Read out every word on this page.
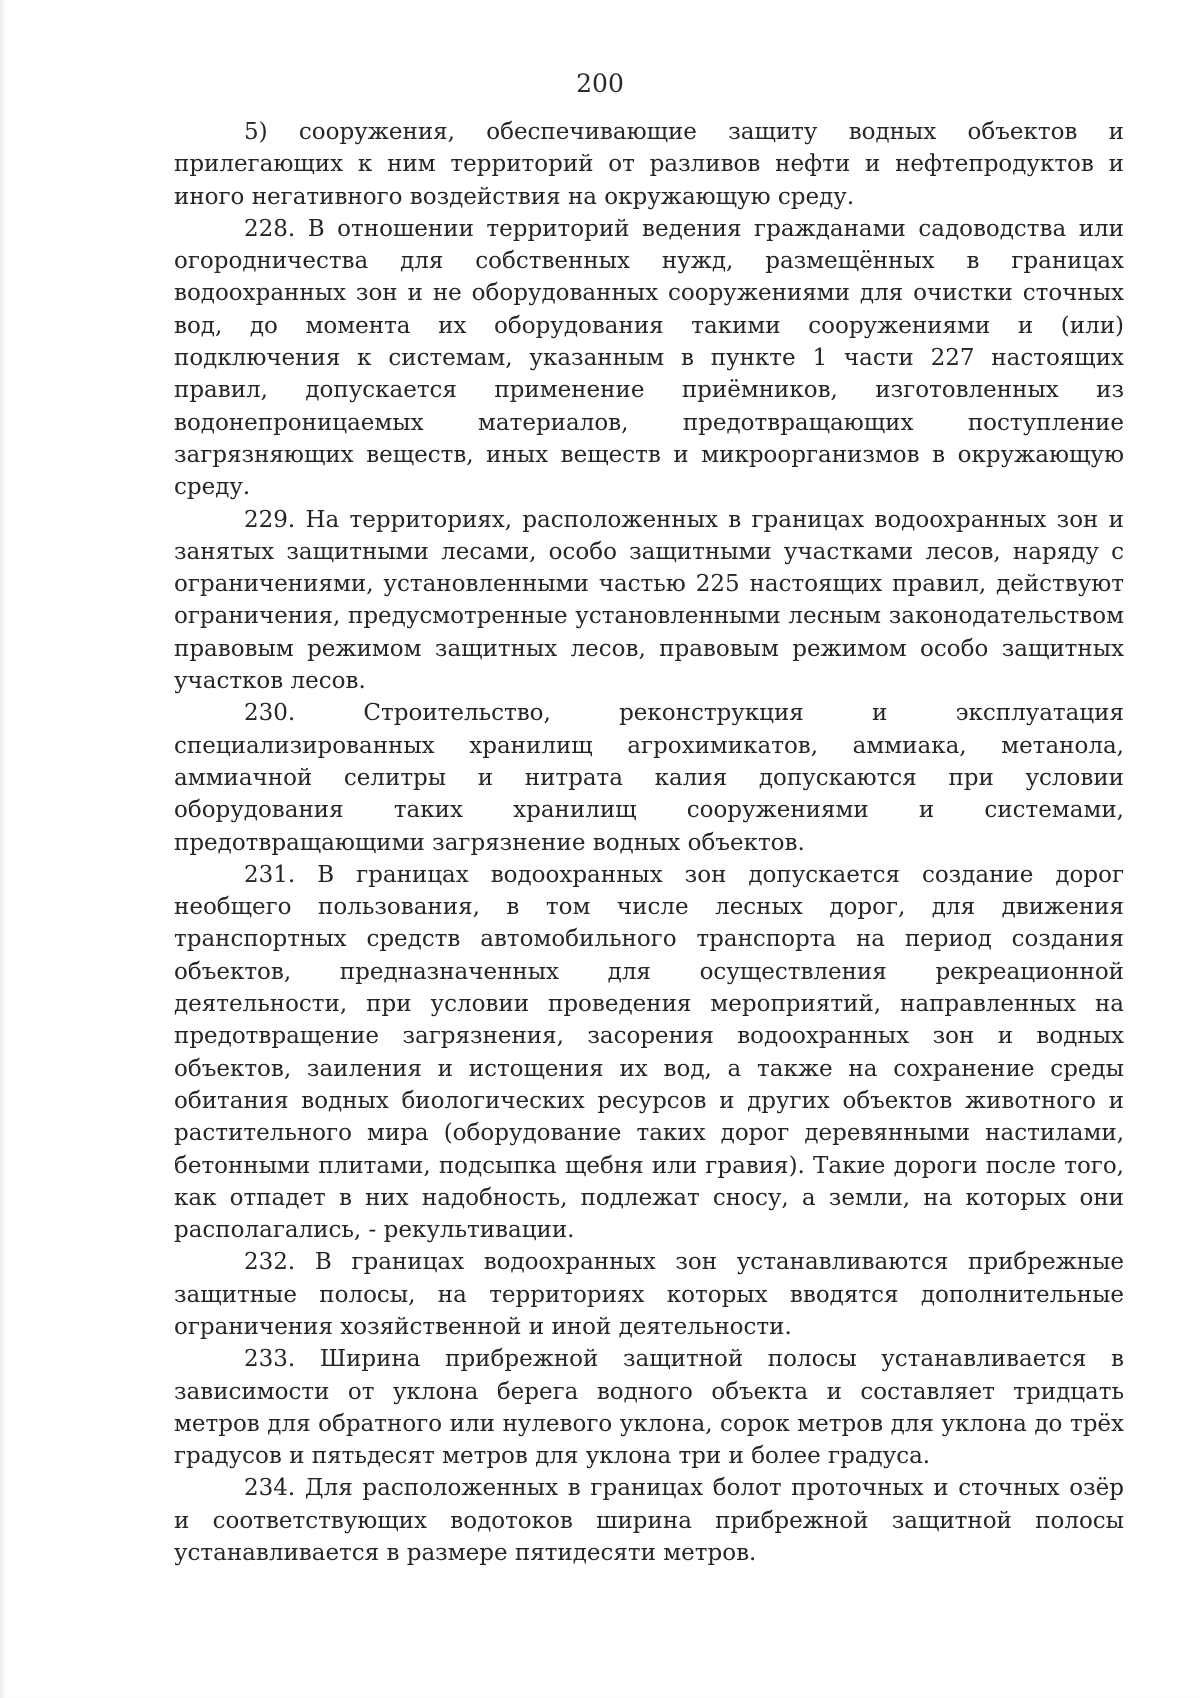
200

5) сооружения, обеспечивающие защиту водных объектов и прилегающих к ним территорий от разливов нефти и нефтепродуктов и иного негативного воздействия на окружающую среду.

228. В отношении территорий ведения гражданами садоводства или огородничества для собственных нужд, размещённых в границах водоохранных зон и не оборудованных сооружениями для очистки сточных вод, до момента их оборудования такими сооружениями и (или) подключения к системам, указанным в пункте 1 части 227 настоящих правил, допускается применение приёмников, изготовленных из водонепроницаемых материалов, предотвращающих поступление загрязняющих веществ, иных веществ и микроорганизмов в окружающую среду.

229. На территориях, расположенных в границах водоохранных зон и занятых защитными лесами, особо защитными участками лесов, наряду с ограничениями, установленными частью 225 настоящих правил, действуют ограничения, предусмотренные установленными лесным законодательством правовым режимом защитных лесов, правовым режимом особо защитных участков лесов.

230. Строительство, реконструкция и эксплуатация специализированных хранилищ агрохимикатов, аммиака, метанола, аммиачной селитры и нитрата калия допускаются при условии оборудования таких хранилищ сооружениями и системами, предотвращающими загрязнение водных объектов.

231. В границах водоохранных зон допускается создание дорог необщего пользования, в том числе лесных дорог, для движения транспортных средств автомобильного транспорта на период создания объектов, предназначенных для осуществления рекреационной деятельности, при условии проведения мероприятий, направленных на предотвращение загрязнения, засорения водоохранных зон и водных объектов, заиления и истощения их вод, а также на сохранение среды обитания водных биологических ресурсов и других объектов животного и растительного мира (оборудование таких дорог деревянными настилами, бетонными плитами, подсыпка щебня или гравия). Такие дороги после того, как отпадет в них надобность, подлежат сносу, а земли, на которых они располагались, - рекультивации.

232. В границах водоохранных зон устанавливаются прибрежные защитные полосы, на территориях которых вводятся дополнительные ограничения хозяйственной и иной деятельности.

233. Ширина прибрежной защитной полосы устанавливается в зависимости от уклона берега водного объекта и составляет тридцать метров для обратного или нулевого уклона, сорок метров для уклона до трёх градусов и пятьдесят метров для уклона три и более градуса.

234. Для расположенных в границах болот проточных и сточных озёр и соответствующих водотоков ширина прибрежной защитной полосы устанавливается в размере пятидесяти метров.
